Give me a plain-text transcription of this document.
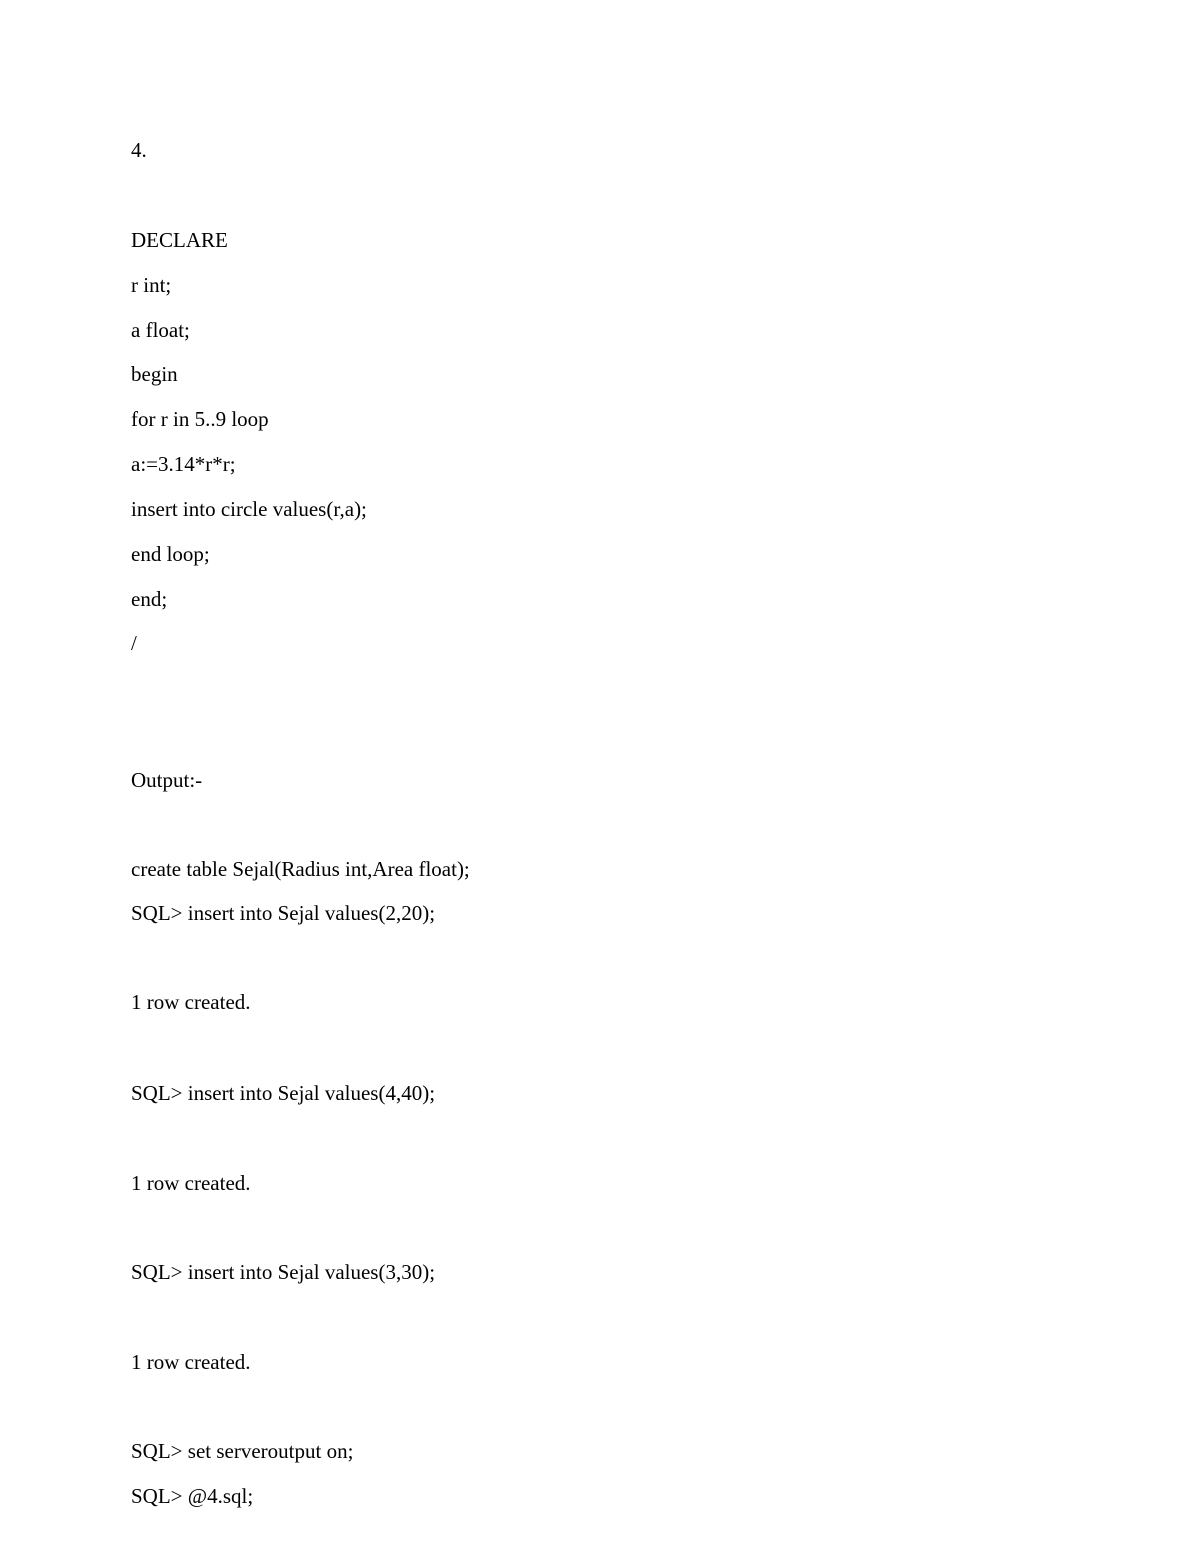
4.
DECLARE
r int;
a float;
begin
for r in 5..9 loop
a:=3.14*r*r;
insert into circle values(r,a);
end loop;
end;
/
Output:-
create table Sejal(Radius int,Area float);
SQL> insert into Sejal values(2,20);
1 row created.
SQL> insert into Sejal values(4,40);
1 row created.
SQL> insert into Sejal values(3,30);
1 row created.
SQL> set serveroutput on;
SQL> @4.sql;
